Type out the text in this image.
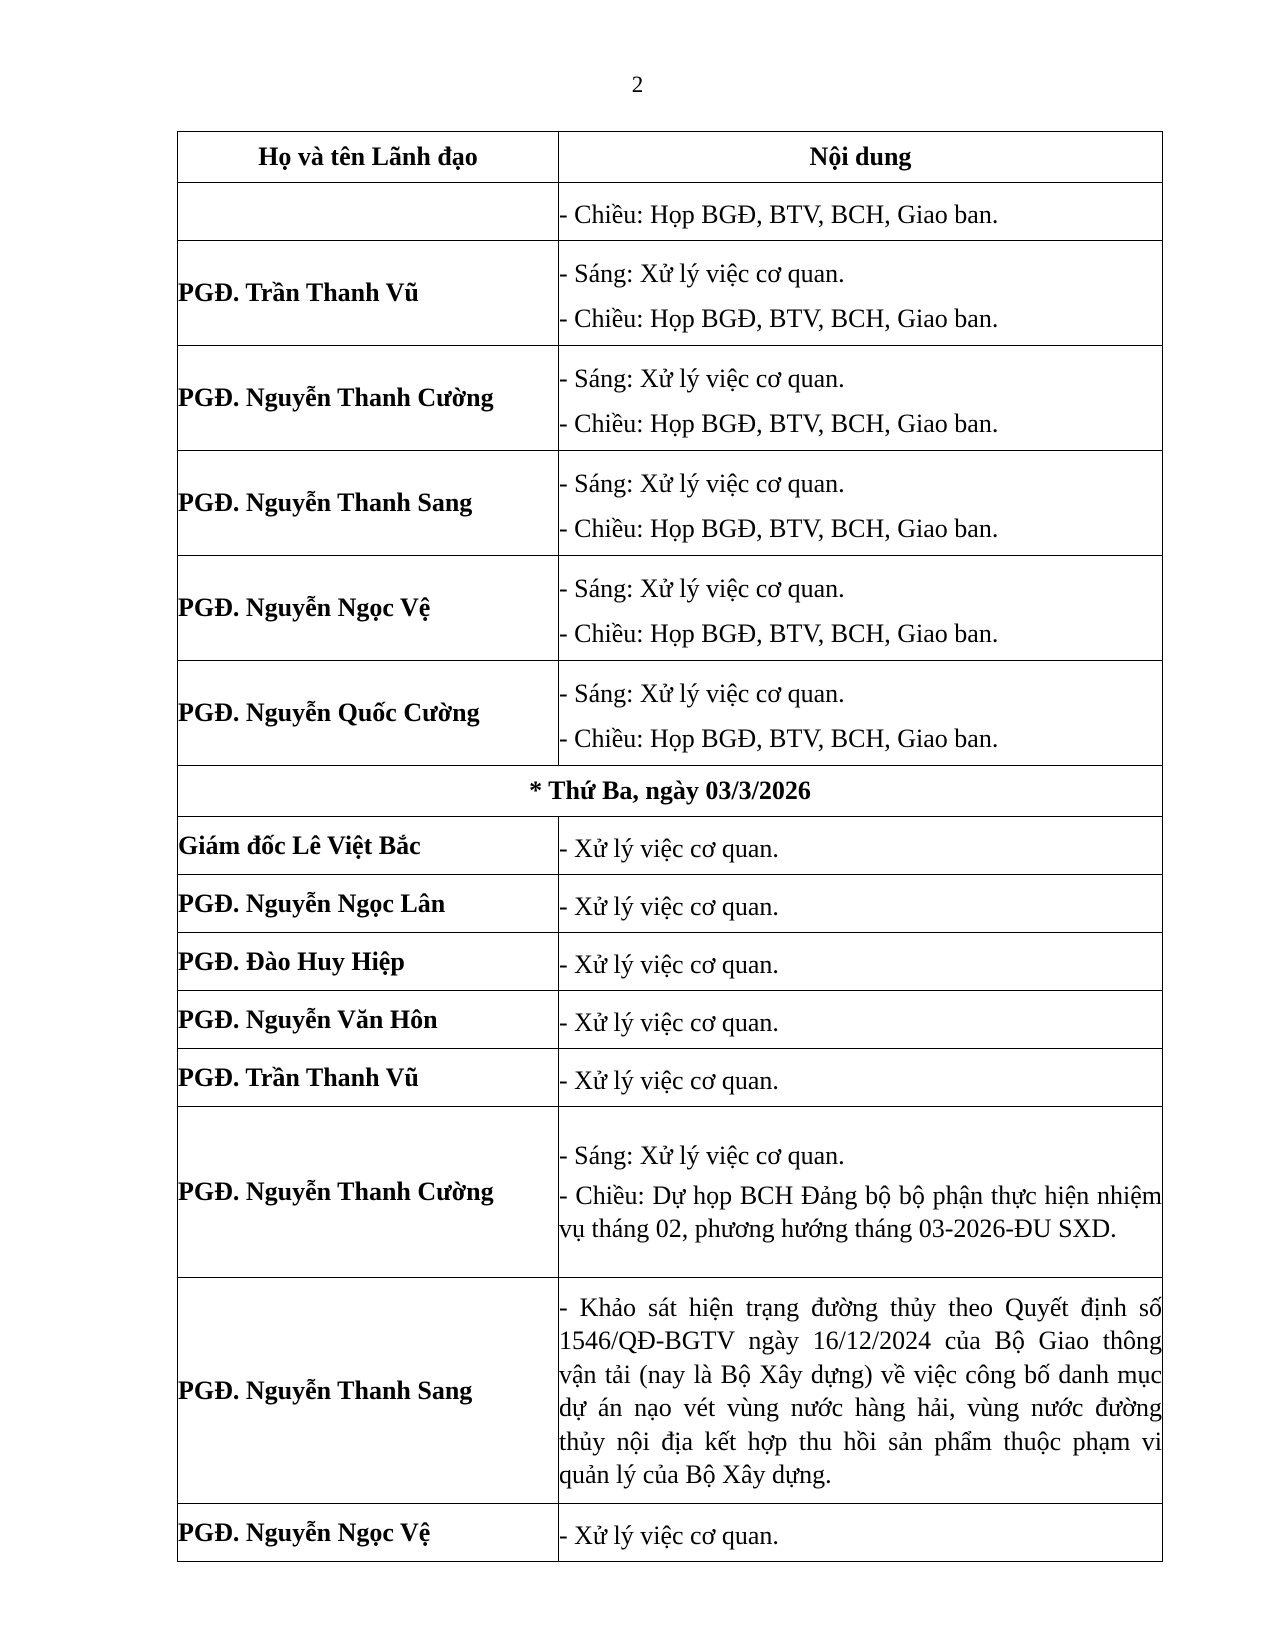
2
Họ và tên Lãnh đạo	Nội dung

	- Chiều: Họp BGĐ, BTV, BCH, Giao ban.

PGĐ. Trần Thanh Vũ	- Sáng: Xử lý việc cơ quan.
- Chiều: Họp BGĐ, BTV, BCH, Giao ban.

PGĐ. Nguyễn Thanh Cường	- Sáng: Xử lý việc cơ quan.
- Chiều: Họp BGĐ, BTV, BCH, Giao ban.

PGĐ. Nguyễn Thanh Sang	- Sáng: Xử lý việc cơ quan.
- Chiều: Họp BGĐ, BTV, BCH, Giao ban.

PGĐ. Nguyễn Ngọc Vệ	- Sáng: Xử lý việc cơ quan.
- Chiều: Họp BGĐ, BTV, BCH, Giao ban.

PGĐ. Nguyễn Quốc Cường	- Sáng: Xử lý việc cơ quan.
- Chiều: Họp BGĐ, BTV, BCH, Giao ban.

* Thứ Ba, ngày 03/3/2026	
Giám đốc Lê Việt Bắc	- Xử lý việc cơ quan.

PGĐ. Nguyễn Ngọc Lân	- Xử lý việc cơ quan.

PGĐ. Đào Huy Hiệp	- Xử lý việc cơ quan.

PGĐ. Nguyễn Văn Hôn	- Xử lý việc cơ quan.

PGĐ. Trần Thanh Vũ	- Xử lý việc cơ quan.

PGĐ. Nguyễn Thanh Cường	- Sáng: Xử lý việc cơ quan.
- Chiều: Dự họp BCH Đảng bộ bộ phận thực hiện nhiệm vụ tháng 02, phương hướng tháng 03-2026-ĐU SXD.

PGĐ. Nguyễn Thanh Sang	- Khảo sát hiện trạng đường thủy theo Quyết định số 1546/QĐ-BGTV ngày 16/12/2024 của Bộ Giao thông vận tải (nay là Bộ Xây dựng) về việc công bố danh mục dự án nạo vét vùng nước hàng hải, vùng nước đường thủy nội địa kết hợp thu hồi sản phẩm thuộc phạm vi quản lý của Bộ Xây dựng.

PGĐ. Nguyễn Ngọc Vệ	- Xử lý việc cơ quan.
